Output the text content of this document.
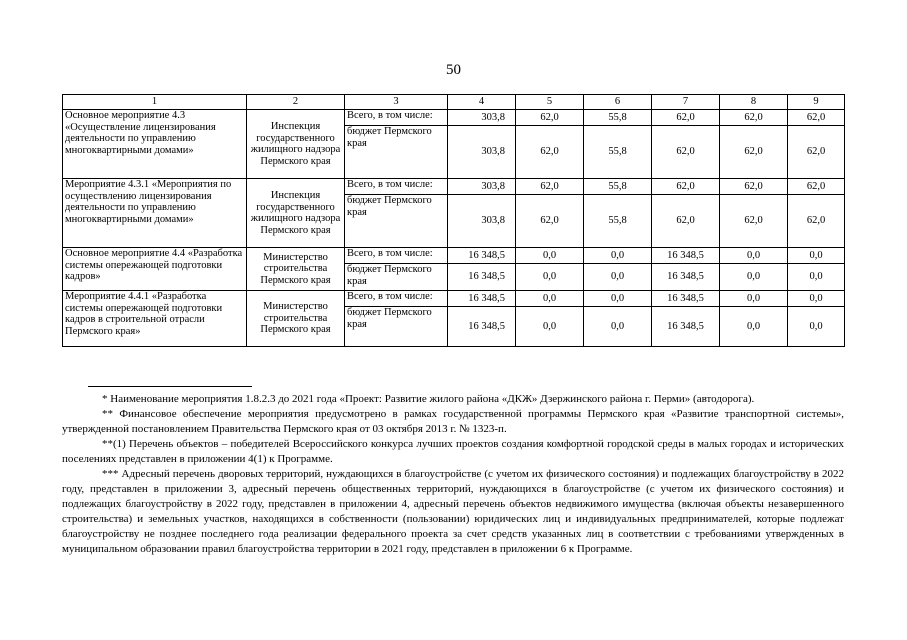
50
1	2	3	4	5	6	7	8	9
Основное мероприятие 4.3 «Осуществление лицензирования деятельности по управлению многоквартирными домами»	Инспекция государственного жилищного надзора Пермского края	Всего, в том числе:	303,8	62,0	55,8	62,0	62,0	62,0
		бюджет Пермского края	303,8	62,0	55,8	62,0	62,0	62,0
Мероприятие 4.3.1 «Мероприятия по осуществлению лицензирования деятельности по управлению многоквартирными домами»	Инспекция государственного жилищного надзора Пермского края	Всего, в том числе:	303,8	62,0	55,8	62,0	62,0	62,0
		бюджет Пермского края	303,8	62,0	55,8	62,0	62,0	62,0
Основное мероприятие 4.4 «Разработка системы опережающей подготовки кадров»	Министерство строительства Пермского края	Всего, в том числе:	16 348,5	0,0	0,0	16 348,5	0,0	0,0
		бюджет Пермского края	16 348,5	0,0	0,0	16 348,5	0,0	0,0
Мероприятие 4.4.1 «Разработка системы опережающей подготовки кадров в строительной отрасли Пермского края»	Министерство строительства Пермского края	Всего, в том числе:	16 348,5	0,0	0,0	16 348,5	0,0	0,0
		бюджет Пермского края	16 348,5	0,0	0,0	16 348,5	0,0	0,0

* Наименование мероприятия 1.8.2.3 до 2021 года «Проект: Развитие жилого района «ДКЖ» Дзержинского района г. Перми» (автодорога).

** Финансовое обеспечение мероприятия предусмотрено в рамках государственной программы Пермского края «Развитие транспортной системы», утвержденной постановлением Правительства Пермского края от 03 октября 2013 г. № 1323-п.

**(1) Перечень объектов – победителей Всероссийского конкурса лучших проектов создания комфортной городской среды в малых городах и исторических поселениях представлен в приложении 4(1) к Программе.

*** Адресный перечень дворовых территорий, нуждающихся в благоустройстве (с учетом их физического состояния) и подлежащих благоустройству в 2022 году, представлен в приложении 3, адресный перечень общественных территорий, нуждающихся в благоустройстве (с учетом их физического состояния) и подлежащих благоустройству в 2022 году, представлен в приложении 4, адресный перечень объектов недвижимого имущества (включая объекты незавершенного строительства) и земельных участков, находящихся в собственности (пользовании) юридических лиц и индивидуальных предпринимателей, которые подлежат благоустройству не позднее последнего года реализации федерального проекта за счет средств указанных лиц в соответствии с требованиями утвержденных в муниципальном образовании правил благоустройства территории в 2021 году, представлен в приложении 6 к Программе.
